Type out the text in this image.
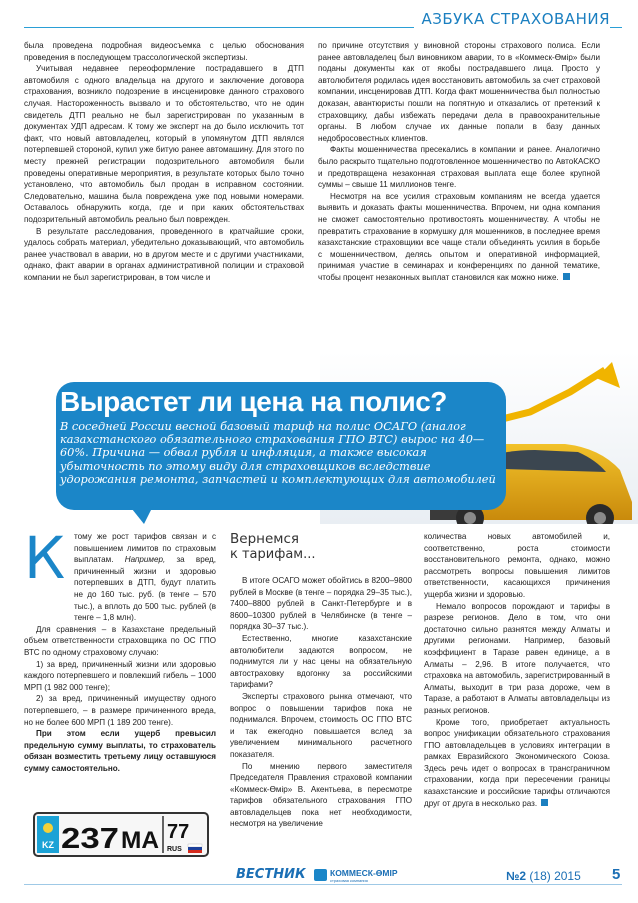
АЗБУКА СТРАХОВАНИЯ

была проведена подробная видеосъемка с целью обоснования проведения в последующем трассологической экспертизы.

Учитывая недавнее переоформление пострадавшего в ДТП автомобиля с одного владельца на другого и заключение договора страхования, возникло подозрение в инсценировке данного страхового случая. Настороженность вызвало и то обстоятельство, что не один свидетель ДТП реально не был зарегистрирован по указанным в документах УДП адресам. К тому же эксперт на до было исключить тот факт, что новый автовладелец, который в упомянутом ДТП являлся потерпевшей стороной, купил уже битую ранее автомашину. Для этого по месту прежней регистрации подозрительного автомобиля были проведены оперативные мероприятия, в результате которых было точно установлено, что автомобиль был продан в исправном состоянии. Следовательно, машина была повреждена уже под новыми номерами. Оставалось обнаружить когда, где и при каких обстоятельствах подозрительный автомобиль реально был поврежден.

В результате расследования, проведенного в кратчайшие сроки, удалось собрать материал, убедительно доказывающий, что автомобиль ранее участвовал в аварии, но в другом месте и с другими участниками, однако, факт аварии в органах административной полиции и страховой компании не был зарегистрирован, в том числе и

по причине отсутствия у виновной стороны страхового полиса. Если ранее автовладелец был виновником аварии, то в «Коммеск-Өмір» были поданы документы как от якобы пострадавшего лица. Просто у автолюбителя родилась идея восстановить автомобиль за счет страховой компании, инсценировав ДТП. Когда факт мошенничества был полностью доказан, авантюристы пошли на попятную и отказались от претензий к страховщику, дабы избежать передачи дела в правоохранительные органы. В любом случае их данные попали в базу данных недобросовестных клиентов.

Факты мошенничества пресекались в компании и ранее. Аналогично было раскрыто тщательно подготовленное мошенничество по АвтоКАСКО и предотвращена незаконная страховая выплата еще более крупной суммы – свыше 11 миллионов тенге.

Несмотря на все усилия страховым компаниям не всегда удается выявить и доказать факты мошенничества. Впрочем, ни одна компания не сможет самостоятельно противостоять мошенничеству. А чтобы не превратить страхование в кормушку для мошенников, в последнее время казахстанские страховщики все чаще стали объединять усилия в борьбе с мошенничеством, делясь опытом и оперативной информацией, принимая участие в семинарах и конференциях по данной тематике, чтобы процент незаконных выплат становился как можно ниже.

Вырастет ли цена на полис?
В соседней России весной базовый тариф на полис ОСАГО (аналог казахстанского обязательного страхования ГПО ВТС) вырос на 40—60%. Причина — обвал рубля и инфляция, а также высокая убыточность по этому виду для страховщиков вследствие удорожания ремонта, запчастей и комплектующих для автомобилей
К	тому же рост тарифов связан и с повышением лимитов по страховым выплатам. Например, за вред, причиненный жизни и здоровью потерпевших в ДТП, будут платить не до 160 тыс. руб. (в тенге – 570 тыс.), а вплоть до 500 тыс. рублей (в тенге – 1,8 млн).

Для сравнения – в Казахстане предельный объем ответственности страховщика по ОС ГПО ВТС по одному страховому случаю:

1) за вред, причиненный жизни или здоровью каждого потерпевшего и повлекший гибель – 1000 МРП (1 982 000 тенге);

2) за вред, причиненный имуществу одного потерпевшего, – в размере причиненного вреда, но не более 600 МРП (1 189 200 тенге).

При этом если ущерб превысил предельную сумму выплаты, то страхователь обязан возместить третьему лицу оставшуюся сумму самостоятельно.

KZ 237 МА 77
RUS
Вернемся
к тарифам...

В итоге ОСАГО может обойтись в 8200–9800 рублей в Москве (в тенге – порядка 29–35 тыс.), 7400–8800 рублей в Санкт-Петербурге и в 8600–10300 рублей в Челябинске (в тенге – порядка 30–37 тыс.).

Естественно, многие казахстанские автолюбители задаются вопросом, не поднимутся ли у нас цены на обязательную автостраховку вдогонку за российскими тарифами?

Эксперты страхового рынка отмечают, что вопрос о повышении тарифов пока не поднимался. Впрочем, стоимость ОС ГПО ВТС и так ежегодно повышается вслед за увеличением минимального расчетного показателя.

По мнению первого заместителя Председателя Правления страховой компании «Коммеск-Өмір» В. Акентьева, в пересмотре тарифов обязательного страхования ГПО автовладельцев пока нет необходимости, несмотря на увеличение

количества новых автомобилей и, соответственно, роста стоимости восстановительного ремонта, однако, можно рассмотреть вопросы повышения лимитов ответственности, касающихся причинения ущерба жизни и здоровью.

Немало вопросов порождают и тарифы в разрезе регионов. Дело в том, что они достаточно сильно разнятся между Алматы и другими регионами. Например, базовый коэффициент в Таразе равен единице, а в Алматы – 2,96. В итоге получается, что страховка на автомобиль, зарегистрированный в Алматы, выходит в три раза дороже, чем в Таразе, а работают в Алматы автовладельцы из разных регионов.

Кроме того, приобретает актуальность вопрос унификации обязательного страхования ГПО автовладельцев в условиях интеграции в рамках Евразийского Экономического Союза. Здесь речь идет о вопросах в трансграничном страховании, когда при пересечении границы казахстанские и российские тарифы отличаются друг от друга в несколько раз.

ВЕСТНИК	КОММЕСК-ӨМІР
страховая компания	№2 (18) 2015 5
